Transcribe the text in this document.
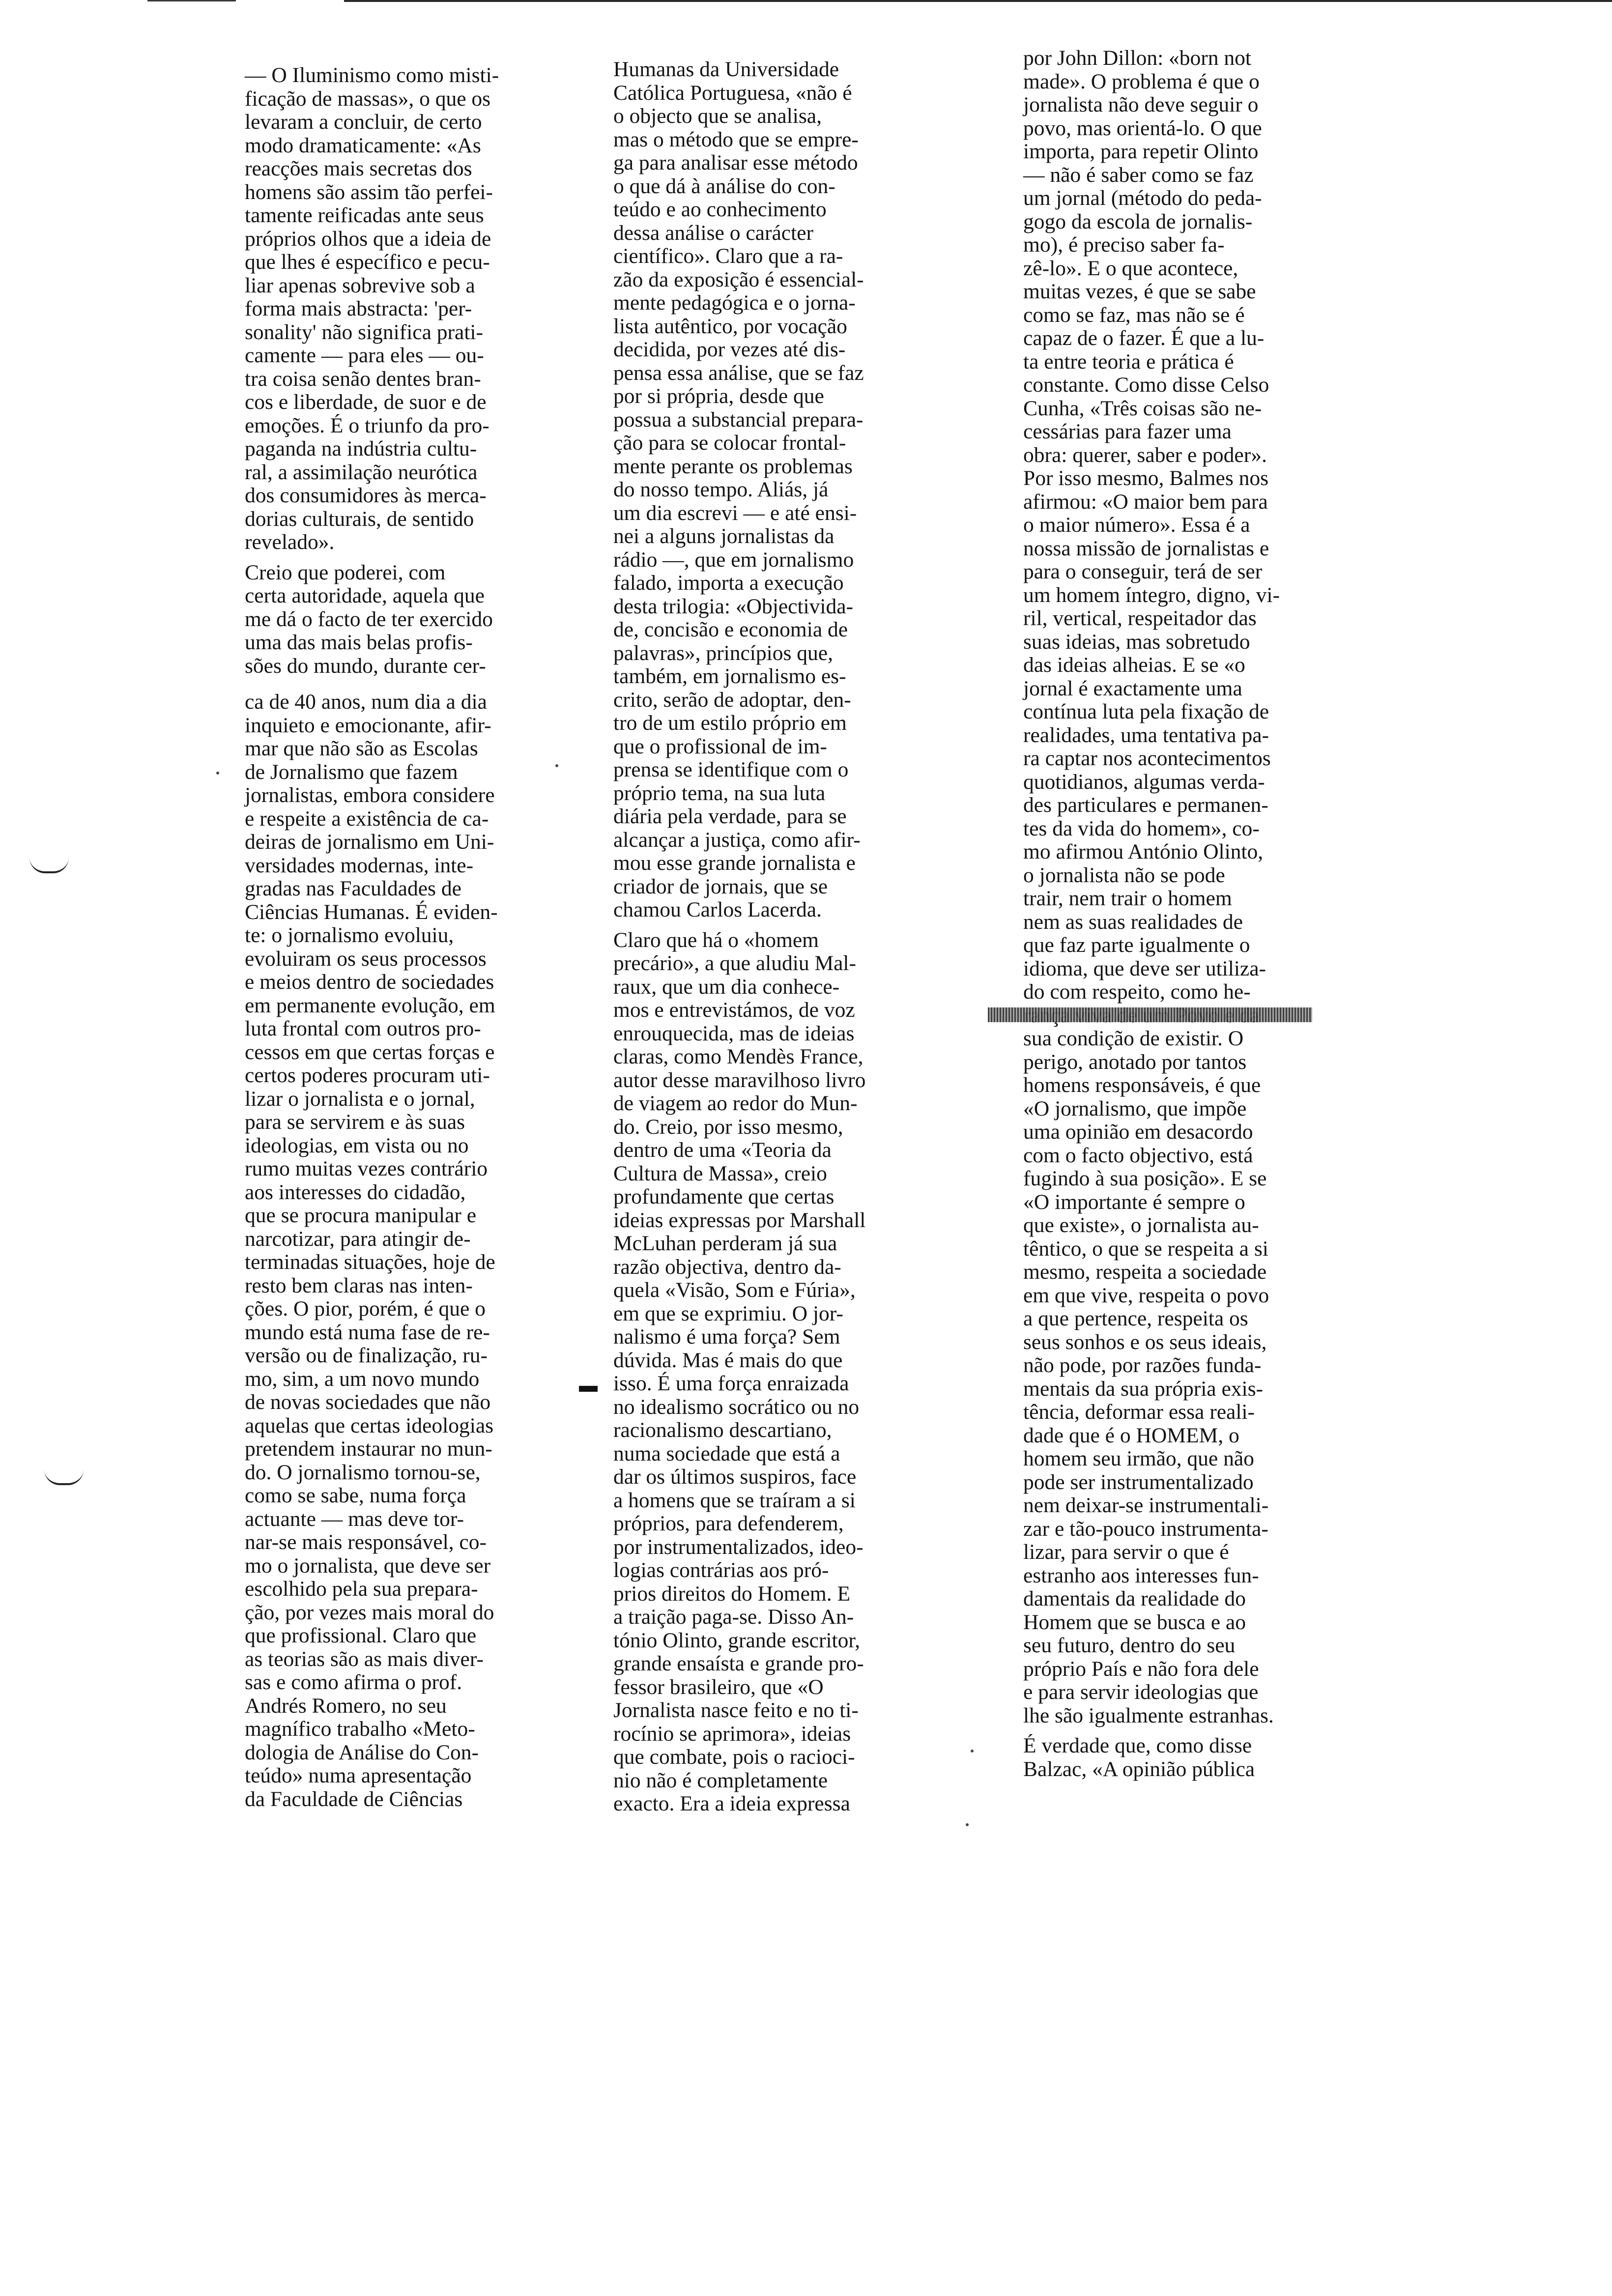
— O Iluminismo como misti-
ficação de massas», o que os
levaram a concluir, de certo
modo dramaticamente: «As
reacções mais secretas dos
homens são assim tão perfei-
tamente reificadas ante seus
próprios olhos que a ideia de
que lhes é específico e pecu-
liar apenas sobrevive sob a
forma mais abstracta: 'per-
sonality' não significa prati-
camente — para eles — ou-
tra coisa senão dentes bran-
cos e liberdade, de suor e de
emoções. É o triunfo da pro-
paganda na indústria cultu-
ral, a assimilação neurótica
dos consumidores às merca-
dorias culturais, de sentido
revelado».

Creio que poderei, com
certa autoridade, aquela que
me dá o facto de ter exercido
uma das mais belas profis-
sões do mundo, durante cer-

ca de 40 anos, num dia a dia
inquieto e emocionante, afir-
mar que não são as Escolas
de Jornalismo que fazem
jornalistas, embora considere
e respeite a existência de ca-
deiras de jornalismo em Uni-
versidades modernas, inte-
gradas nas Faculdades de
Ciências Humanas. É eviden-
te: o jornalismo evoluiu,
evoluiram os seus processos
e meios dentro de sociedades
em permanente evolução, em
luta frontal com outros pro-
cessos em que certas forças e
certos poderes procuram uti-
lizar o jornalista e o jornal,
para se servirem e às suas
ideologias, em vista ou no
rumo muitas vezes contrário
aos interesses do cidadão,
que se procura manipular e
narcotizar, para atingir de-
terminadas situações, hoje de
resto bem claras nas inten-
ções. O pior, porém, é que o
mundo está numa fase de re-
versão ou de finalização, ru-
mo, sim, a um novo mundo
de novas sociedades que não
aquelas que certas ideologias
pretendem instaurar no mun-
do. O jornalismo tornou-se,
como se sabe, numa força
actuante — mas deve tor-
nar-se mais responsável, co-
mo o jornalista, que deve ser
escolhido pela sua prepara-
ção, por vezes mais moral do
que profissional. Claro que
as teorias são as mais diver-
sas e como afirma o prof.
Andrés Romero, no seu
magnífico trabalho «Meto-
dologia de Análise do Con-
teúdo» numa apresentação
da Faculdade de Ciências

Humanas da Universidade
Católica Portuguesa, «não é
o objecto que se analisa,
mas o método que se empre-
ga para analisar esse método
o que dá à análise do con-
teúdo e ao conhecimento
dessa análise o carácter
científico». Claro que a ra-
zão da exposição é essencial-
mente pedagógica e o jorna-
lista autêntico, por vocação
decidida, por vezes até dis-
pensa essa análise, que se faz
por si própria, desde que
possua a substancial prepara-
ção para se colocar frontal-
mente perante os problemas
do nosso tempo. Aliás, já
um dia escrevi — e até ensi-
nei a alguns jornalistas da
rádio —, que em jornalismo
falado, importa a execução
desta trilogia: «Objectivida-
de, concisão e economia de
palavras», princípios que,
também, em jornalismo es-
crito, serão de adoptar, den-
tro de um estilo próprio em
que o profissional de im-
prensa se identifique com o
próprio tema, na sua luta
diária pela verdade, para se
alcançar a justiça, como afir-
mou esse grande jornalista e
criador de jornais, que se
chamou Carlos Lacerda.

Claro que há o «homem
precário», a que aludiu Mal-
raux, que um dia conhece-
mos e entrevistámos, de voz
enrouquecida, mas de ideias
claras, como Mendès France,
autor desse maravilhoso livro
de viagem ao redor do Mun-
do. Creio, por isso mesmo,
dentro de uma «Teoria da
Cultura de Massa», creio
profundamente que certas
ideias expressas por Marshall
McLuhan perderam já sua
razão objectiva, dentro da-
quela «Visão, Som e Fúria»,
em que se exprimiu. O jor-
nalismo é uma força? Sem
dúvida. Mas é mais do que
isso. É uma força enraizada
no idealismo socrático ou no
racionalismo descartiano,
numa sociedade que está a
dar os últimos suspiros, face
a homens que se traíram a si
próprios, para defenderem,
por instrumentalizados, ideo-
logias contrárias aos pró-
prios direitos do Homem. E
a traição paga-se. Disso An-
tónio Olinto, grande escritor,
grande ensaísta e grande pro-
fessor brasileiro, que «O
Jornalista nasce feito e no ti-
rocínio se aprimora», ideias
que combate, pois o racioci-
nio não é completamente
exacto. Era a ideia expressa

por John Dillon: «born not
made». O problema é que o
jornalista não deve seguir o
povo, mas orientá-lo. O que
importa, para repetir Olinto
— não é saber como se faz
um jornal (método do peda-
gogo da escola de jornalis-
mo), é preciso saber fa-
zê-lo». E o que acontece,
muitas vezes, é que se sabe
como se faz, mas não se é
capaz de o fazer. É que a lu-
ta entre teoria e prática é
constante. Como disse Celso
Cunha, «Três coisas são ne-
cessárias para fazer uma
obra: querer, saber e poder».
Por isso mesmo, Balmes nos
afirmou: «O maior bem para
o maior número». Essa é a
nossa missão de jornalistas e
para o conseguir, terá de ser
um homem íntegro, digno, vi-
ril, vertical, respeitador das
suas ideias, mas sobretudo
das ideias alheias. E se «o
jornal é exactamente uma
contínua luta pela fixação de
realidades, uma tentativa pa-
ra captar nos acontecimentos
quotidianos, algumas verda-
des particulares e permanen-
tes da vida do homem», co-
mo afirmou António Olinto,
o jornalista não se pode
trair, nem trair o homem
nem as suas realidades de
que faz parte igualmente o
idioma, que deve ser utiliza-
do com respeito, como he-

sua condição de existir. O
perigo, anotado por tantos
homens responsáveis, é que
«O jornalismo, que impõe
uma opinião em desacordo
com o facto objectivo, está
fugindo à sua posição». E se
«O importante é sempre o
que existe», o jornalista au-
têntico, o que se respeita a si
mesmo, respeita a sociedade
em que vive, respeita o povo
a que pertence, respeita os
seus sonhos e os seus ideais,
não pode, por razões funda-
mentais da sua própria exis-
tência, deformar essa reali-
dade que é o HOMEM, o
homem seu irmão, que não
pode ser instrumentalizado
nem deixar-se instrumentali-
zar e tão-pouco instrumenta-
lizar, para servir o que é
estranho aos interesses fun-
damentais da realidade do
Homem que se busca e ao
seu futuro, dentro do seu
próprio País e não fora dele
e para servir ideologias que
lhe são igualmente estranhas.

É verdade que, como disse
Balzac, «A opinião pública
